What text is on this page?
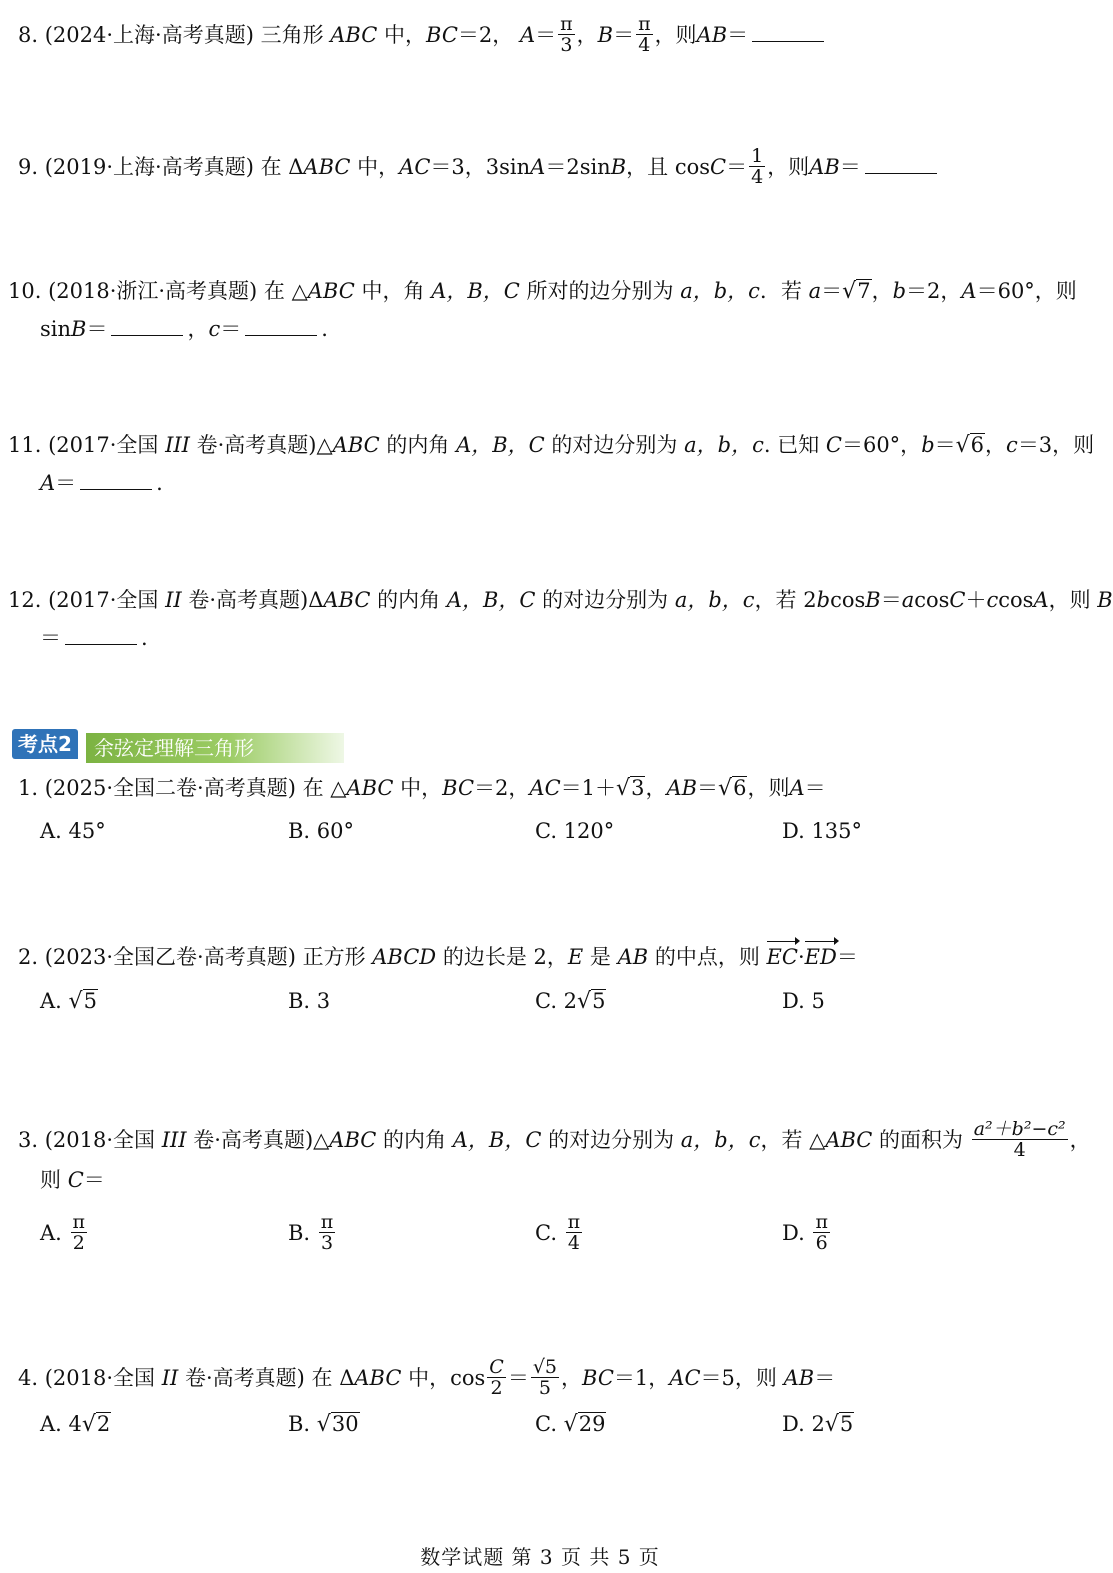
8. (2024·上海·高考真题) 三角形 ABC 中，BC＝2， $A= \frac{\pi}{3}$ ，$B= \frac{\pi}{4}$ ，则AB＝
9. (2019·上海·高考真题) 在 ΔABC 中，AC＝3，3sinA＝2sinB，且 $\cos C= \frac{1}{4}$ ，则AB＝
10. (2018·浙江·高考真题) 在 △ABC 中，角 A，B，C 所对的边分别为 a，b，c．若 a＝√7，b＝2，A＝60°，则
sinB＝	，c＝	.
11. (2017·全国 III 卷·高考真题)△ABC 的内角 A，B，C 的对边分别为 a，b，c. 已知 C＝60°，b＝√6，c＝3，则
A＝	.
12. (2017·全国 II 卷·高考真题)ΔABC 的内角 A，B，C 的对边分别为 a，b，c，若 2bcosB＝acosC＋ccosA，则 B
＝	.
余弦定理解三角形
考点2
1. (2025·全国二卷·高考真题) 在 △ABC 中，BC＝2，AC＝1＋√3，AB＝√6，则A＝
A. 45°	B. 60°	C. 120°	D. 135°
2. (2023·全国乙卷·高考真题) 正方形 ABCD 的边长是 2，E 是 AB 的中点，则 EC·ED＝
A. √5	B. 3	C. 2√5	D. 5
3. (2018·全国 III 卷·高考真题)△ABC 的内角 A，B，C 的对边分别为 a，b，c，若 △ABC 的面积为 $\frac{\text{a²＋b²−c²}}{4}$ ，
则 C＝
A. $\frac{\pi}{2}$	B. $\frac{\pi}{3}$	C. $\frac{\pi}{4}$	D. $\frac{\pi}{6}$
4. (2018·全国 II 卷·高考真题) 在 ΔABC 中，$\cos \frac{C}{2} = \frac{√5}{5}$ ，BC＝1，AC＝5，则 AB＝
A. 4√2	B. √30	C. √29	D. 2√5
数学试题 第 3 页 共 5 页
